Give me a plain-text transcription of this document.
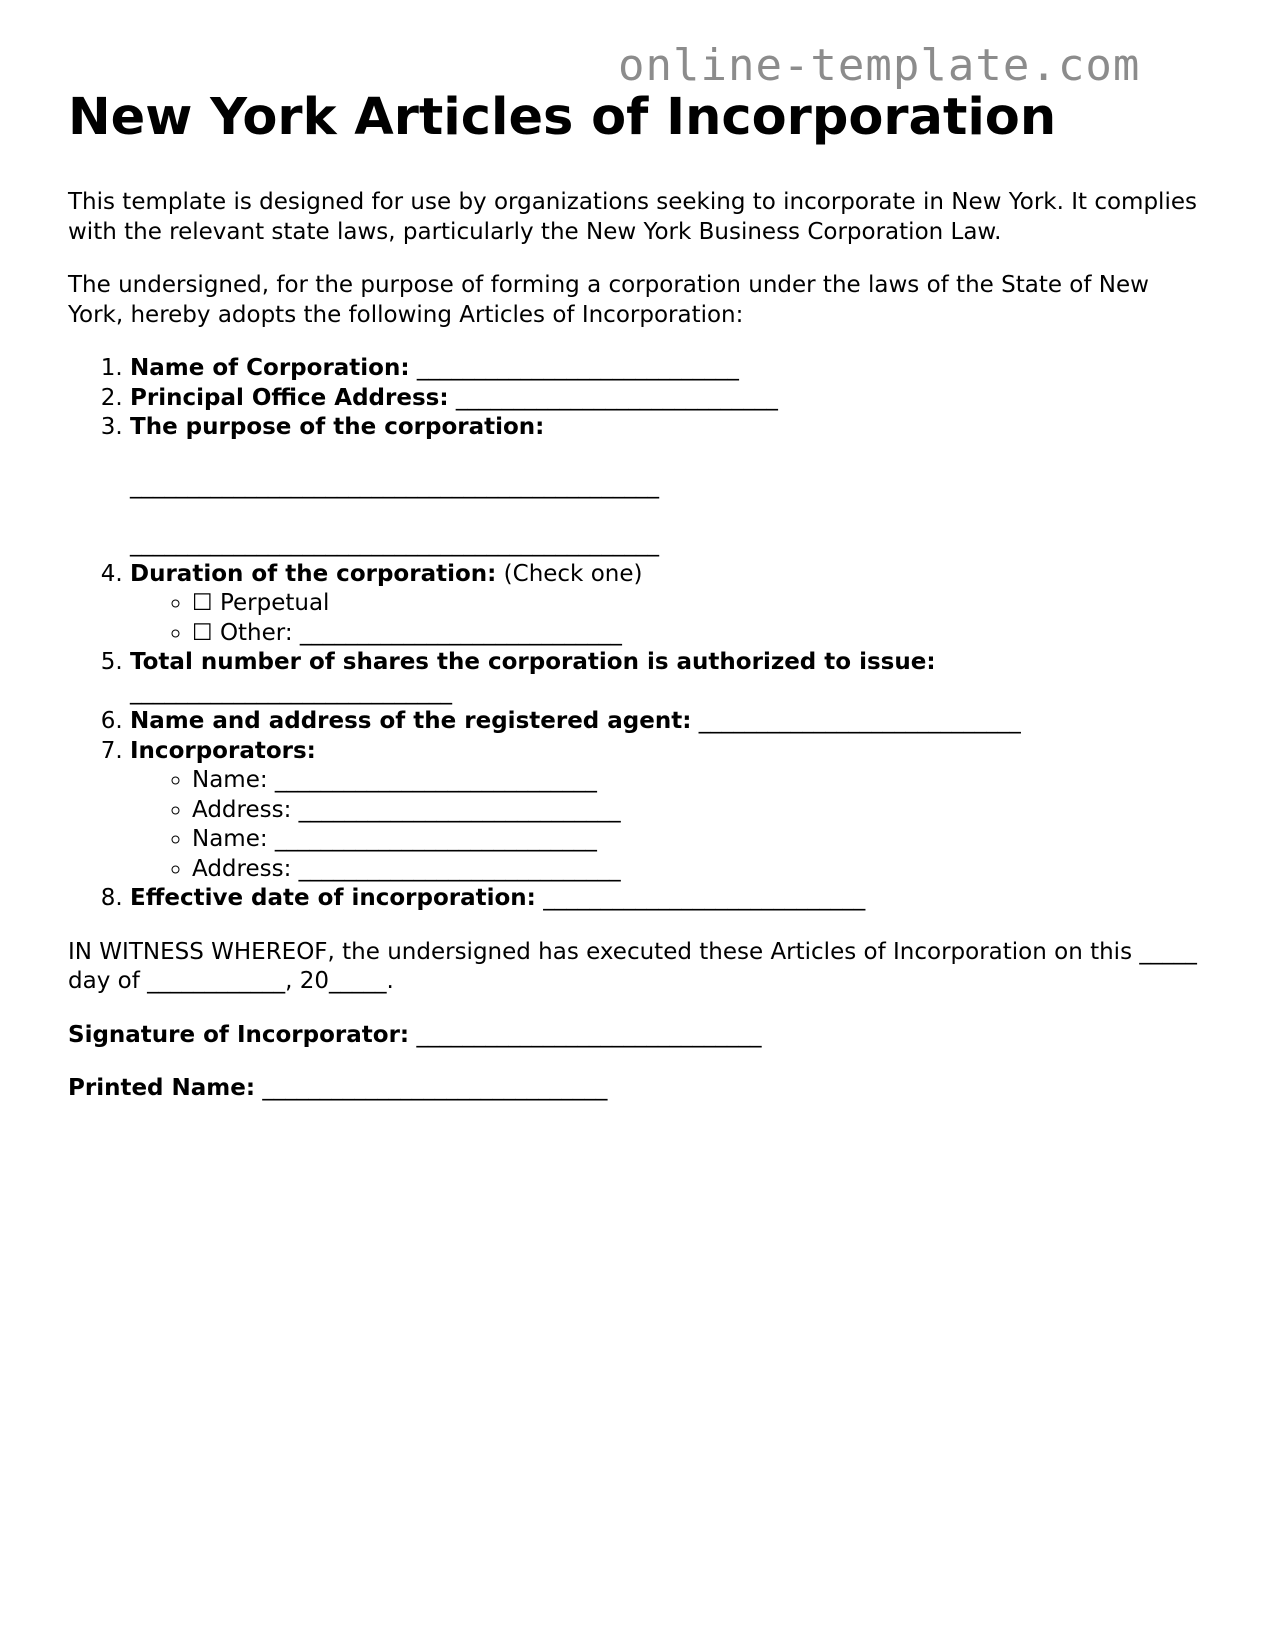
online-template.com
New York Articles of Incorporation

This template is designed for use by organizations seeking to incorporate in New York. It complies with the relevant state laws, particularly the New York Business Corporation Law.

The undersigned, for the purpose of forming a corporation under the laws of the State of New York, hereby adopts the following Articles of Incorporation:

1. Name of Corporation: ____________________________
2. Principal Office Address: ____________________________
3. The purpose of the corporation:
______________________________________________
______________________________________________
4. Duration of the corporation: (Check one)
◦ ☐ Perpetual
◦ ☐ Other: ____________________________
5. Total number of shares the corporation is authorized to issue:
____________________________
6. Name and address of the registered agent: ____________________________
7. Incorporators:
◦ Name: ____________________________
◦ Address: ____________________________
◦ Name: ____________________________
◦ Address: ____________________________
8. Effective date of incorporation: ____________________________

IN WITNESS WHEREOF, the undersigned has executed these Articles of Incorporation on this _____ day of ____________, 20_____.

Signature of Incorporator: ______________________________

Printed Name: ______________________________
